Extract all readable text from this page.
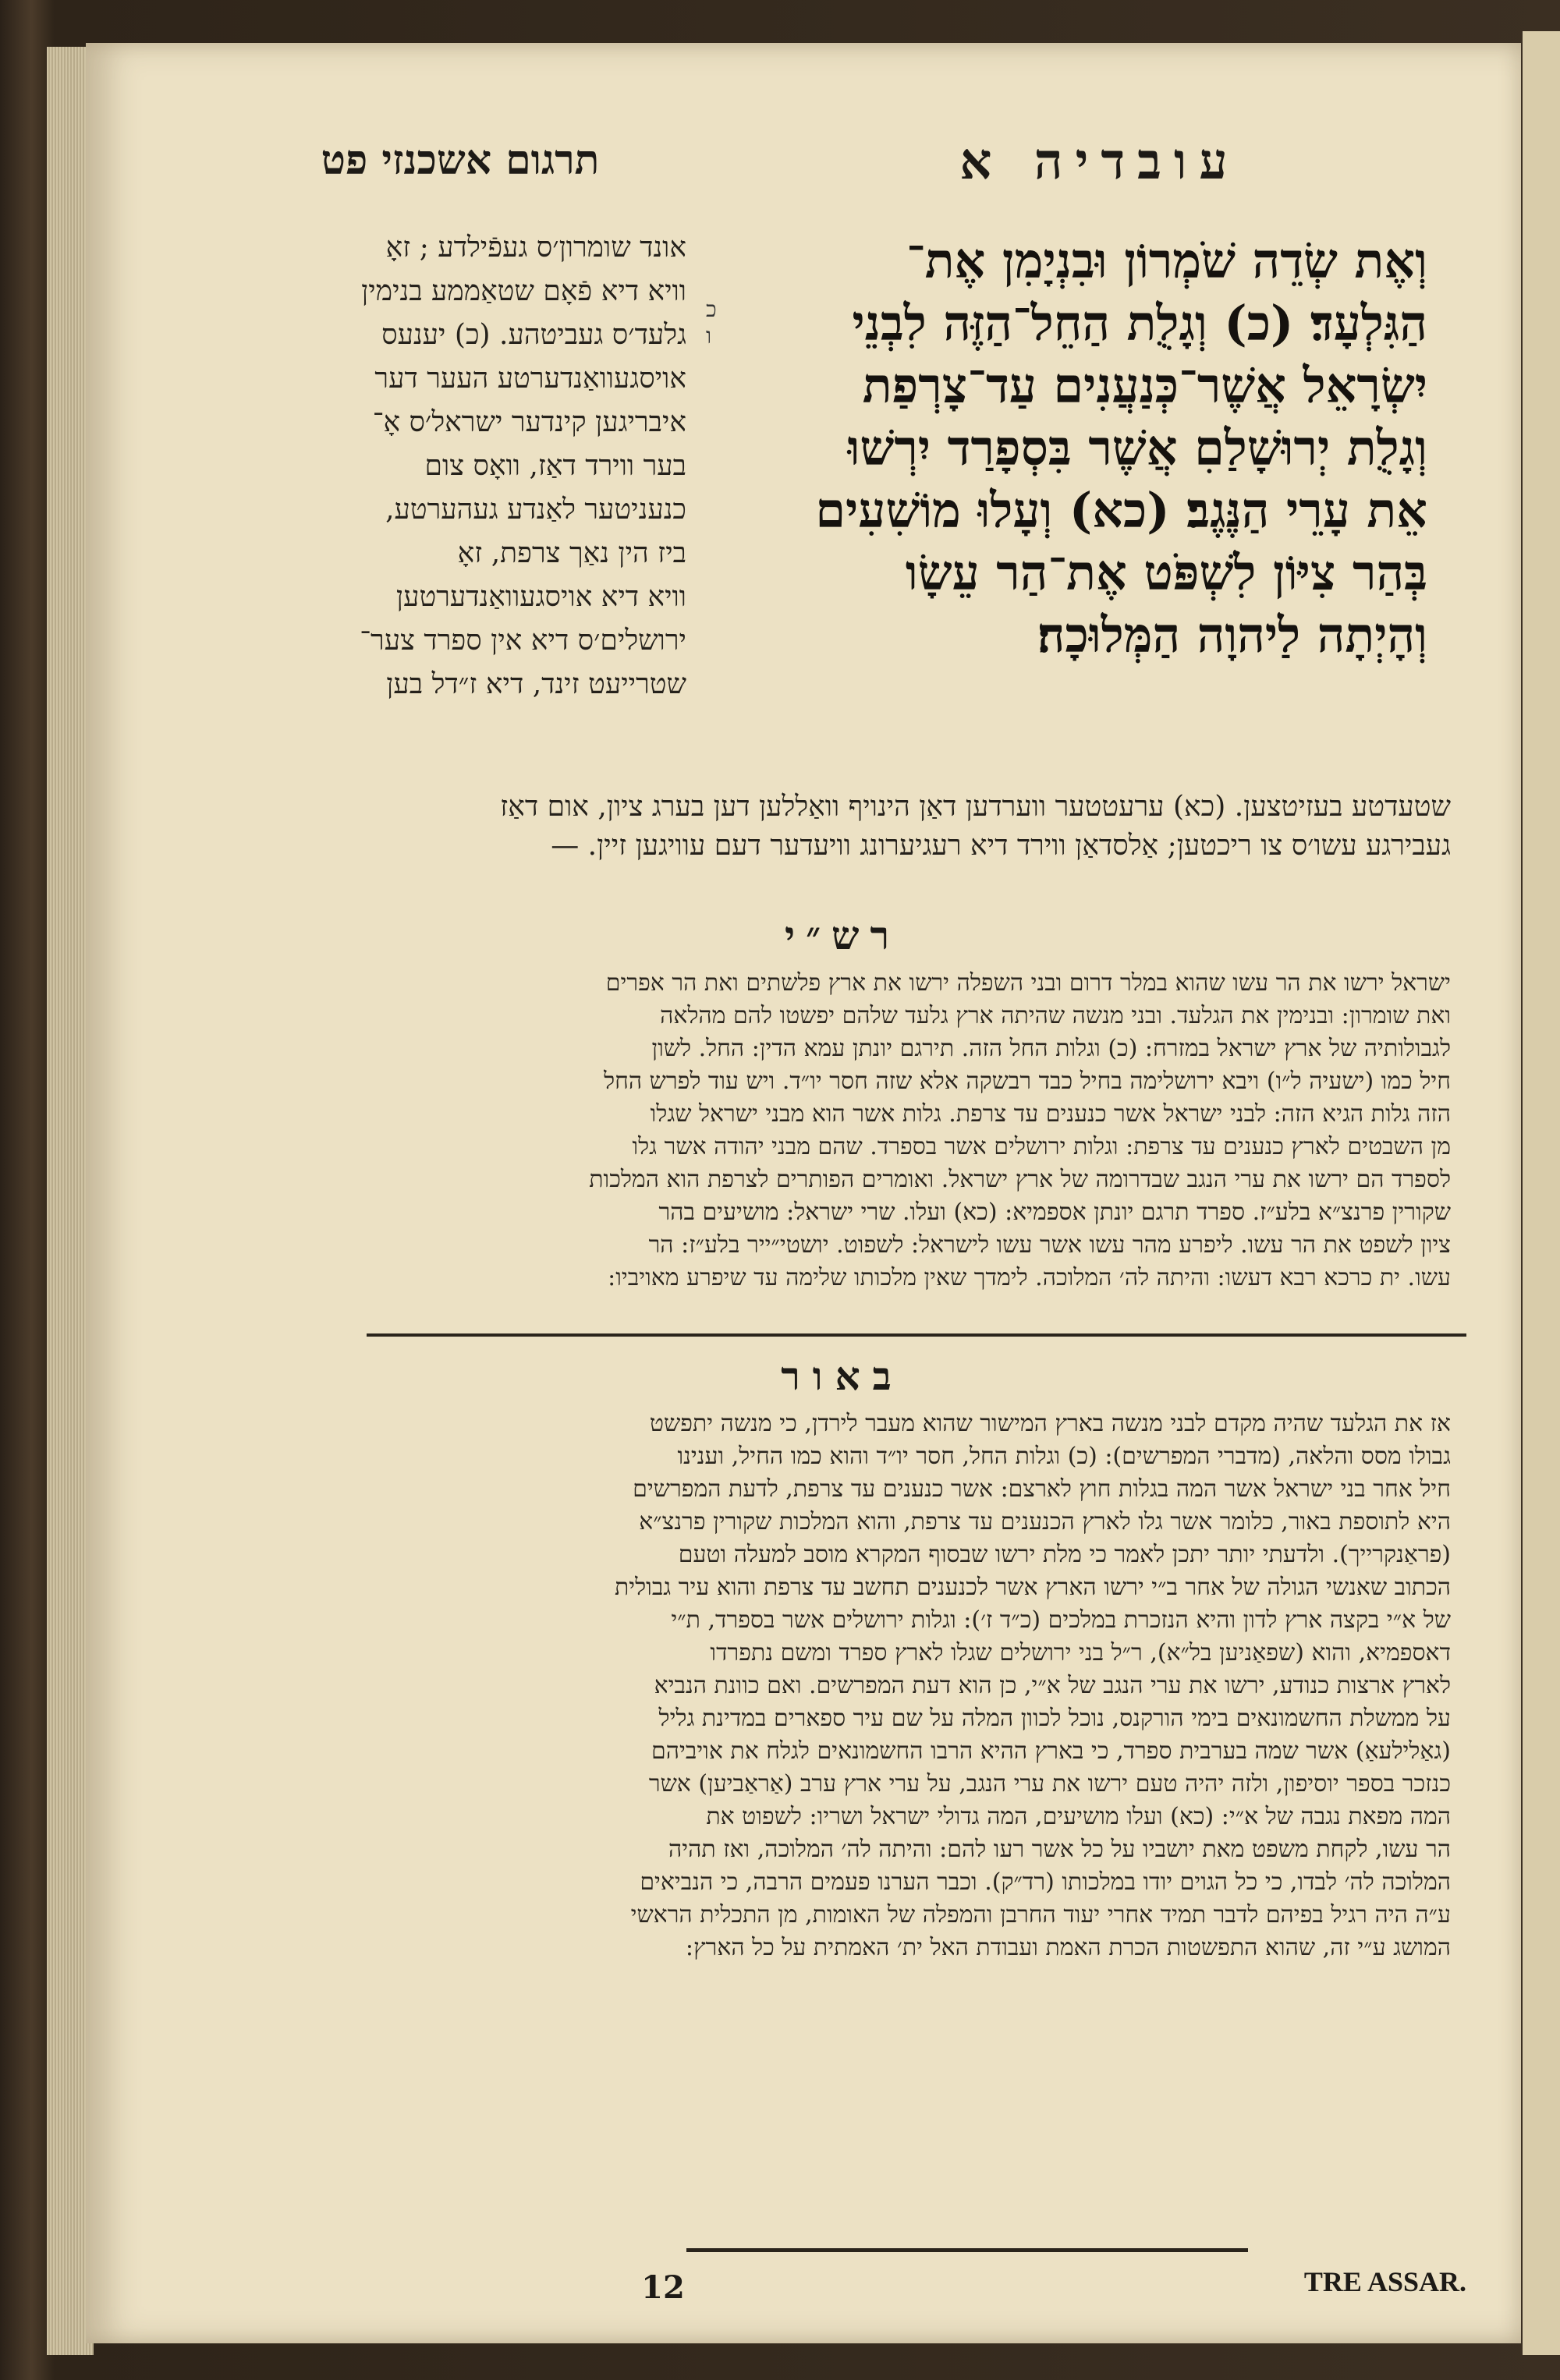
תרגום אשכנזי פט	עובדיה א

אונד שומרון׳ס געפֿילדע ; זאָ

וויא דיא פֿאָם שטאַממע בנימין

גלעד׳ס געביטהע. (כ) יענעס

אויסגעוואַנדערטע העער דער

איבריגען קינדער ישראל׳ס אָ־

בער ווירד דאַז, וואָס צום

כנעניטער לאַנדע געהערטע,

ביז הין נאַך צרפת, זאָ

וויא דיא אויסגעוואַנדערטען

ירושלים׳ס דיא אין ספרד צער־

שטרייעט זינד, דיא ז״דל בען

כ
ו

וְאֶת שְׂדֵה שֹׁמְרוֹן וּבִנְיָמִן אֶת־

הַגִּלְעָד׃ (כ) וְגָלֻת הַחֵל־הַזֶּה לִבְנֵי

יִשְׂרָאֵל אֲשֶׁר־כְּנַעֲנִים עַד־צָרְפַת

וְגָלֻת יְרוּשָׁלַםִ אֲשֶׁר בִּסְפָרַד יִרְשׁוּ

אֵת עָרֵי הַנֶּגֶב׃ (כא) וְעָלוּ מוֹשִׁעִים

בְּהַר צִיּוֹן לִשְׁפֹּט אֶת־הַר עֵשָׂו

וְהָיְתָה לַיהוָה הַמְּלוּכָה׃

שטעדטע בעזיטצען. (כא) ערעטטער ווערדען דאַן הינויף וואַללען דען בערג ציון, אום דאַז

געבירגע עשו׳ס צו ריכטען; אַלסדאַן ווירד דיא רעגיערונג וויעדער דעם עוויגען זיין. —

רש״י

ישראל ירשו את הר עשו שהוא במלר דרום ובני השפלה ירשו את ארץ פלשתים ואת הר אפרים

ואת שומרון: ובנימין את הגלעד. ובני מנשה שהיתה ארץ גלעד שלהם יפשטו להם מהלאה

לגבולותיה של ארץ ישראל במזרח: (כ) וגלות החל הזה. תירגם יונתן עמא הדין: החל. לשון

חיל כמו (ישעיה ל״ו) ויבא ירושלימה בחיל כבד רבשקה אלא שזה חסר יו״ד. ויש עוד לפרש החל

הזה גלות הגיא הזה: לבני ישראל אשר כנענים עד צרפת. גלות אשר הוא מבני ישראל שגלו

מן השבטים לארץ כנענים עד צרפת: וגלות ירושלים אשר בספרד. שהם מבני יהודה אשר גלו

לספרד הם ירשו את ערי הנגב שבדרומה של ארץ ישראל. ואומרים הפותרים לצרפת הוא המלכות

שקורין פרנצ״א בלע״ז. ספרד תרגם יונתן אספמיא: (כא) ועלו. שרי ישראל: מושיעים בהר

ציון לשפט את הר עשו. ליפרע מהר עשו אשר עשו לישראל: לשפוט. יושטי״ייר בלע״ז: הר

עשו. ית כרכא רבא דעשו: והיתה לה׳ המלוכה. לימדך שאין מלכותו שלימה עד שיפרע מאויביו:

באור

אז את הגלעד שהיה מקדם לבני מנשה בארץ המישור שהוא מעבר לירדן, כי מנשה יתפשט

גבולו מסס והלאה, (מדברי המפרשים): (כ) וגלות החל, חסר יו״ד והוא כמו החיל, וענינו

חיל אחר בני ישראל אשר המה בגלות חוץ לארצם: אשר כנענים עד צרפת, לדעת המפרשים

היא לתוספת באור, כלומר אשר גלו לארץ הכנענים עד צרפת, והוא המלכות שקורין פרנצ״א

(פראַנקרייך). ולדעתי יותר יתכן לאמר כי מלת ירשו שבסוף המקרא מוסב למעלה וטעם

הכתוב שאנשי הגולה של אחר ב״י ירשו הארץ אשר לכנענים תחשב עד צרפת והוא עיר גבולית

של א״י בקצה ארץ לדון והיא הנזכרת במלכים (כ״ד ז׳): וגלות ירושלים אשר בספרד, ת״י

דאספמיא, והוא (שפאַניען בל״א), ר״ל בני ירושלים שגלו לארץ ספרד ומשם נתפרדו

לארץ ארצות כנודע, ירשו את ערי הנגב של א״י, כן הוא דעת המפרשים. ואם כוונת הנביא

על ממשלת החשמונאים בימי הורקנס, נוכל לכוון המלה על שם עיר ספארים במדינת גליל

(גאַלילעאַ) אשר שמה בערבית ספרד, כי בארץ ההיא הרבו החשמונאים לגלח את אויביהם

כנזכר בספר יוסיפון, ולזה יהיה טעם ירשו את ערי הנגב, על ערי ארץ ערב (אַראַביען) אשר

המה מפאת נגבה של א״י: (כא) ועלו מושיעים, המה גדולי ישראל ושריו: לשפוט את

הר עשו, לקחת משפט מאת יושביו על כל אשר רעו להם: והיתה לה׳ המלוכה, ואז תהיה

המלוכה לה׳ לבדו, כי כל הגוים יודו במלכותו (רד״ק). וכבר הערנו פעמים הרבה, כי הנביאים

ע״ה היה רגיל בפיהם לדבר תמיד אחרי יעוד החרבן והמפלה של האומות, מן התכלית הראשי

המושג ע״י זה, שהוא התפשטות הכרת האמת ועבודת האל ית׳ האמתית על כל הארץ:

12	TRE ASSAR.
